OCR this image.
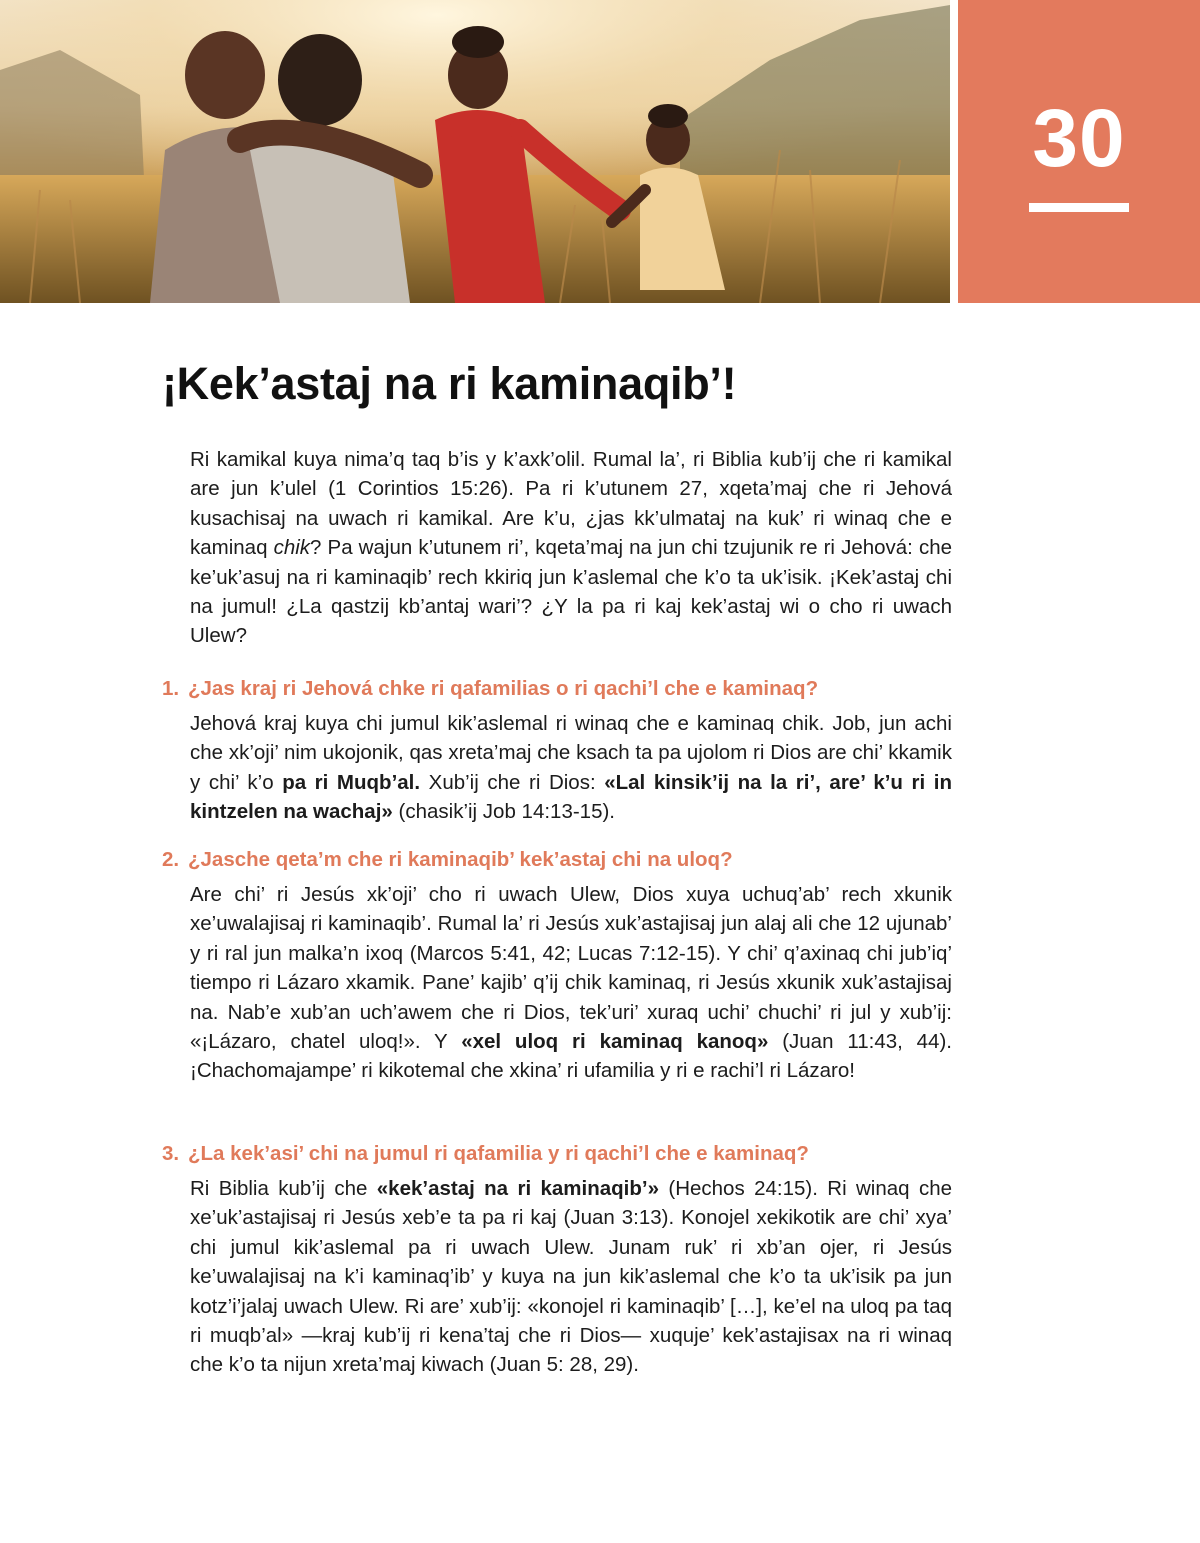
30
¡Kek’astaj na ri kaminaqib’!

Ri kamikal kuya nima’q taq b’is y k’axk’olil. Rumal la’, ri Biblia kub’ij che ri kamikal are jun k’ulel (1 Corintios 15:26). Pa ri k’utunem 27, xqeta’maj che ri Jehová kusachisaj na uwach ri kamikal. Are k’u, ¿jas kk’ulmataj na kuk’ ri winaq che e kaminaq chik? Pa wajun k’utunem ri’, kqeta’maj na jun chi tzujunik re ri Jehová: che ke’uk’asuj na ri kaminaqib’ rech kkiriq jun k’aslemal che k’o ta uk’isik. ¡Kek’astaj chi na jumul! ¿La qastzij kb’antaj wari’? ¿Y la pa ri kaj kek’astaj wi o cho ri uwach Ulew?

1. ¿Jas kraj ri Jehová chke ri qafamilias o ri qachi’l che e kaminaq?

Jehová kraj kuya chi jumul kik’aslemal ri winaq che e kaminaq chik. Job, jun achi che xk’oji’ nim ukojonik, qas xreta’maj che ksach ta pa ujolom ri Dios are chi’ kkamik y chi’ k’o pa ri Muqb’al. Xub’ij che ri Dios: «Lal kinsik’ij na la ri’, are’ k’u ri in kintzelen na wachaj» (chasik’ij Job 14:13-15).

2. ¿Jasche qeta’m che ri kaminaqib’ kek’astaj chi na uloq?

Are chi’ ri Jesús xk’oji’ cho ri uwach Ulew, Dios xuya uchuq’ab’ rech xkunik xe’uwalajisaj ri kaminaqib’. Rumal la’ ri Jesús xuk’astajisaj jun alaj ali che 12 ujunab’ y ri ral jun malka’n ixoq (Marcos 5:41, 42; Lucas 7:12-15). Y chi’ q’axinaq chi jub’iq’ tiempo ri Lázaro xkamik. Pane’ kajib’ q’ij chik kaminaq, ri Jesús xkunik xuk’astajisaj na. Nab’e xub’an uch’awem che ri Dios, tek’uri’ xuraq uchi’ chuchi’ ri jul y xub’ij: «¡Lázaro, chatel uloq!». Y «xel uloq ri kaminaq kanoq» (Juan 11:43, 44). ¡Chachomajampe’ ri kikotemal che xkina’ ri ufamilia y ri e rachi’l ri Lázaro!

3. ¿La kek’asi’ chi na jumul ri qafamilia y ri qachi’l che e kaminaq?

Ri Biblia kub’ij che «kek’astaj na ri kaminaqib’» (Hechos 24:15). Ri winaq che xe’uk’astajisaj ri Jesús xeb’e ta pa ri kaj (Juan 3:13). Konojel xekikotik are chi’ xya’ chi jumul kik’aslemal pa ri uwach Ulew. Junam ruk’ ri xb’an ojer, ri Jesús ke’uwalajisaj na k’i kaminaq’ib’ y kuya na jun kik’aslemal che k’o ta uk’isik pa jun kotz’i’jalaj uwach Ulew. Ri are’ xub’ij: «konojel ri kaminaqib’ […], ke’el na uloq pa taq ri muqb’al» —kraj kub’ij ri kena’taj che ri Dios— xuquje’ kek’astajisax na ri winaq che k’o ta nijun xreta’maj kiwach (Juan 5: 28, 29).
